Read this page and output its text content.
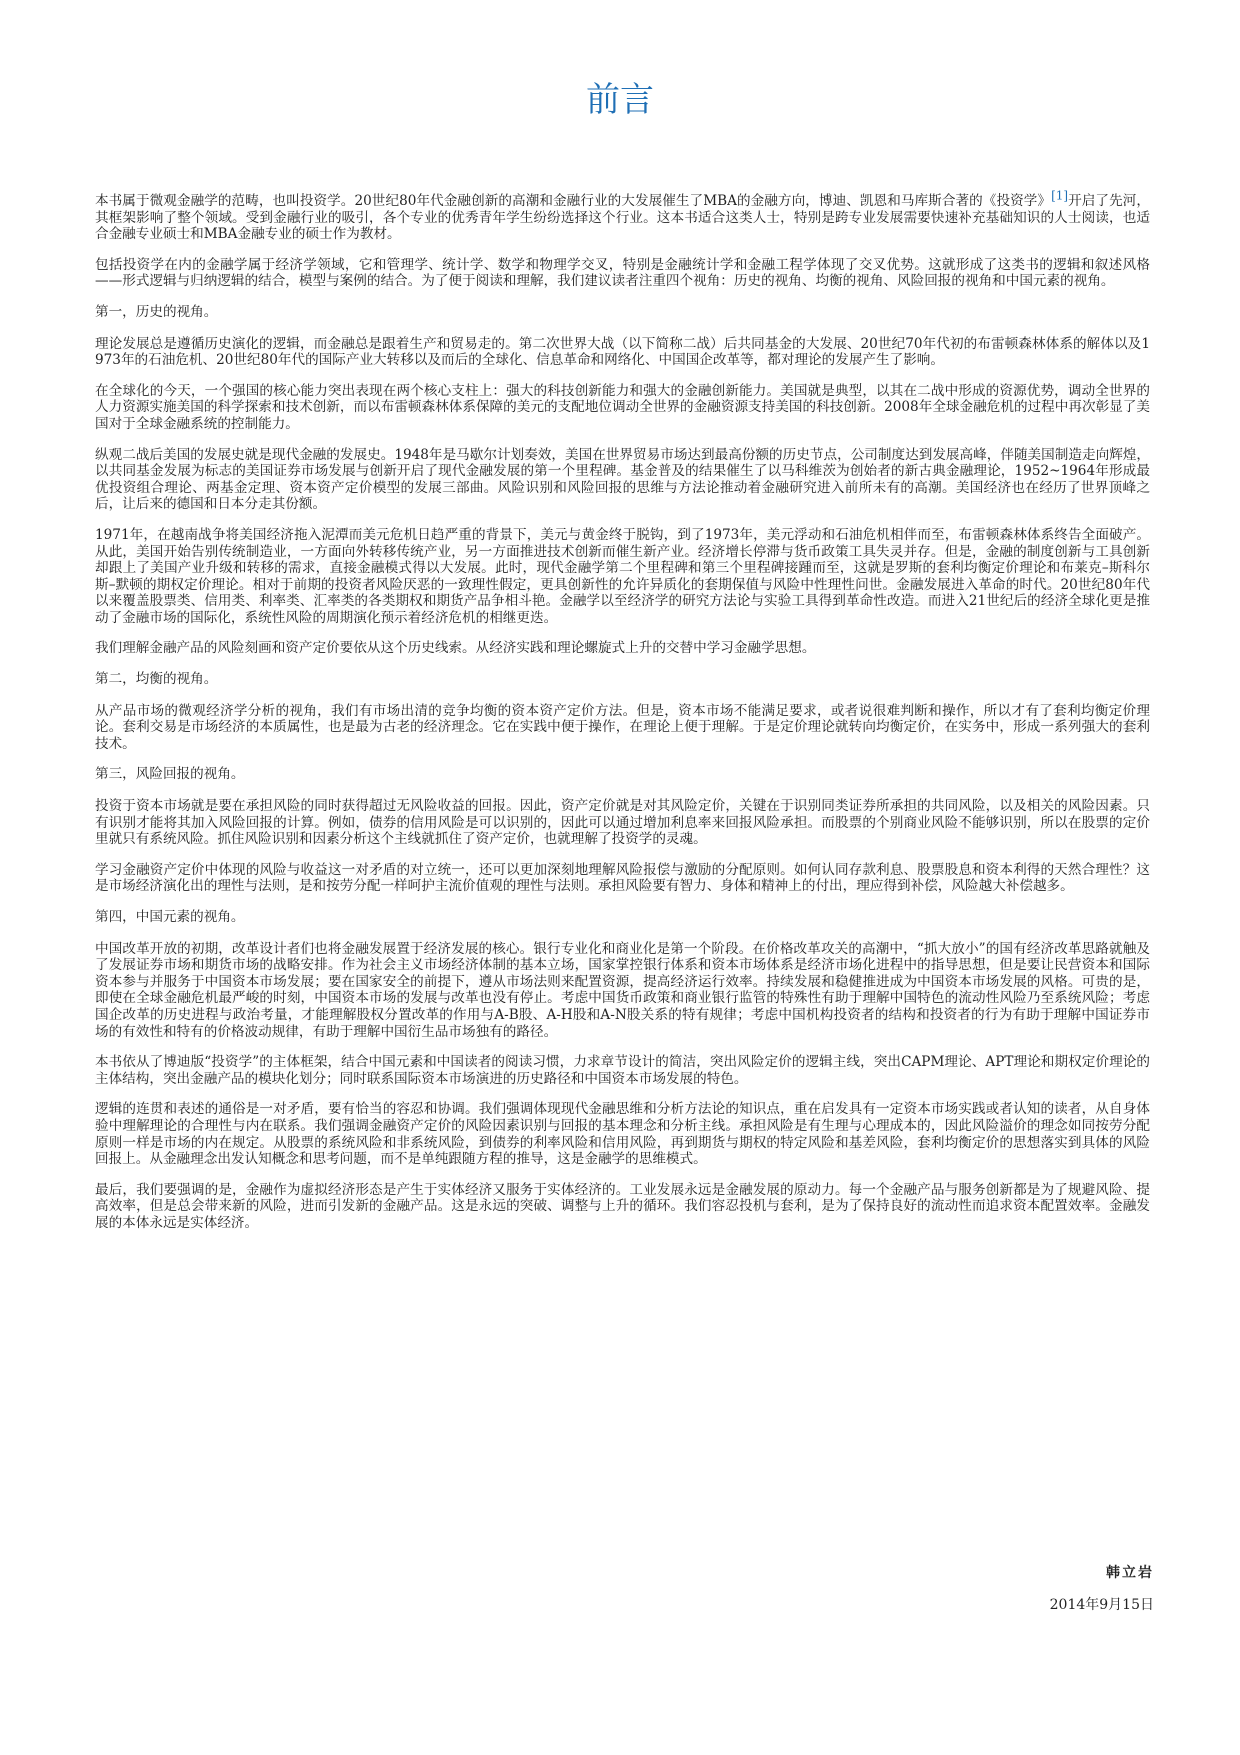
前言

本书属于微观金融学的范畴，也叫投资学。20世纪80年代金融创新的高潮和金融行业的大发展催生了MBA的金融方向，博迪、凯恩和马库斯合著的《投资学》[1]开启了先河，其框架影响了整个领域。受到金融行业的吸引，各个专业的优秀青年学生纷纷选择这个行业。这本书适合这类人士，特别是跨专业发展需要快速补充基础知识的人士阅读，也适合金融专业硕士和MBA金融专业的硕士作为教材。

包括投资学在内的金融学属于经济学领域，它和管理学、统计学、数学和物理学交叉，特别是金融统计学和金融工程学体现了交叉优势。这就形成了这类书的逻辑和叙述风格——形式逻辑与归纳逻辑的结合，模型与案例的结合。为了便于阅读和理解，我们建议读者注重四个视角：历史的视角、均衡的视角、风险回报的视角和中国元素的视角。

第一，历史的视角。

理论发展总是遵循历史演化的逻辑，而金融总是跟着生产和贸易走的。第二次世界大战（以下简称二战）后共同基金的大发展、20世纪70年代初的布雷顿森林体系的解体以及1973年的石油危机、20世纪80年代的国际产业大转移以及而后的全球化、信息革命和网络化、中国国企改革等，都对理论的发展产生了影响。

在全球化的今天，一个强国的核心能力突出表现在两个核心支柱上：强大的科技创新能力和强大的金融创新能力。美国就是典型，以其在二战中形成的资源优势，调动全世界的人力资源实施美国的科学探索和技术创新，而以布雷顿森林体系保障的美元的支配地位调动全世界的金融资源支持美国的科技创新。2008年全球金融危机的过程中再次彰显了美国对于全球金融系统的控制能力。

纵观二战后美国的发展史就是现代金融的发展史。1948年是马歇尔计划奏效，美国在世界贸易市场达到最高份额的历史节点，公司制度达到发展高峰，伴随美国制造走向辉煌，以共同基金发展为标志的美国证券市场发展与创新开启了现代金融发展的第一个里程碑。基金普及的结果催生了以马科维茨为创始者的新古典金融理论，1952~1964年形成最优投资组合理论、两基金定理、资本资产定价模型的发展三部曲。风险识别和风险回报的思维与方法论推动着金融研究进入前所未有的高潮。美国经济也在经历了世界顶峰之后，让后来的德国和日本分走其份额。

1971年，在越南战争将美国经济拖入泥潭而美元危机日趋严重的背景下，美元与黄金终于脱钩，到了1973年，美元浮动和石油危机相伴而至，布雷顿森林体系终告全面破产。从此，美国开始告别传统制造业，一方面向外转移传统产业，另一方面推进技术创新而催生新产业。经济增长停滞与货币政策工具失灵并存。但是，金融的制度创新与工具创新却跟上了美国产业升级和转移的需求，直接金融模式得以大发展。此时，现代金融学第二个里程碑和第三个里程碑接踵而至，这就是罗斯的套利均衡定价理论和布莱克–斯科尔斯–默顿的期权定价理论。相对于前期的投资者风险厌恶的一致理性假定，更具创新性的允许异质化的套期保值与风险中性理性问世。金融发展进入革命的时代。20世纪80年代以来覆盖股票类、信用类、利率类、汇率类的各类期权和期货产品争相斗艳。金融学以至经济学的研究方法论与实验工具得到革命性改造。而进入21世纪后的经济全球化更是推动了金融市场的国际化，系统性风险的周期演化预示着经济危机的相继更迭。

我们理解金融产品的风险刻画和资产定价要依从这个历史线索。从经济实践和理论螺旋式上升的交替中学习金融学思想。

第二，均衡的视角。

从产品市场的微观经济学分析的视角，我们有市场出清的竞争均衡的资本资产定价方法。但是，资本市场不能满足要求，或者说很难判断和操作，所以才有了套利均衡定价理论。套利交易是市场经济的本质属性，也是最为古老的经济理念。它在实践中便于操作，在理论上便于理解。于是定价理论就转向均衡定价，在实务中，形成一系列强大的套利技术。

第三，风险回报的视角。

投资于资本市场就是要在承担风险的同时获得超过无风险收益的回报。因此，资产定价就是对其风险定价，关键在于识别同类证券所承担的共同风险，以及相关的风险因素。只有识别才能将其加入风险回报的计算。例如，债券的信用风险是可以识别的，因此可以通过增加利息率来回报风险承担。而股票的个别商业风险不能够识别，所以在股票的定价里就只有系统风险。抓住风险识别和因素分析这个主线就抓住了资产定价，也就理解了投资学的灵魂。

学习金融资产定价中体现的风险与收益这一对矛盾的对立统一，还可以更加深刻地理解风险报偿与激励的分配原则。如何认同存款利息、股票股息和资本利得的天然合理性？这是市场经济演化出的理性与法则，是和按劳分配一样呵护主流价值观的理性与法则。承担风险要有智力、身体和精神上的付出，理应得到补偿，风险越大补偿越多。

第四，中国元素的视角。

中国改革开放的初期，改革设计者们也将金融发展置于经济发展的核心。银行专业化和商业化是第一个阶段。在价格改革攻关的高潮中，“抓大放小”的国有经济改革思路就触及了发展证券市场和期货市场的战略安排。作为社会主义市场经济体制的基本立场，国家掌控银行体系和资本市场体系是经济市场化进程中的指导思想，但是要让民营资本和国际资本参与并服务于中国资本市场发展；要在国家安全的前提下，遵从市场法则来配置资源，提高经济运行效率。持续发展和稳健推进成为中国资本市场发展的风格。可贵的是，即使在全球金融危机最严峻的时刻，中国资本市场的发展与改革也没有停止。考虑中国货币政策和商业银行监管的特殊性有助于理解中国特色的流动性风险乃至系统风险；考虑国企改革的历史进程与政治考量，才能理解股权分置改革的作用与A-B股、A-H股和A-N股关系的特有规律；考虑中国机构投资者的结构和投资者的行为有助于理解中国证券市场的有效性和特有的价格波动规律，有助于理解中国衍生品市场独有的路径。

本书依从了博迪版“投资学”的主体框架，结合中国元素和中国读者的阅读习惯，力求章节设计的简洁，突出风险定价的逻辑主线，突出CAPM理论、APT理论和期权定价理论的主体结构，突出金融产品的模块化划分；同时联系国际资本市场演进的历史路径和中国资本市场发展的特色。

逻辑的连贯和表述的通俗是一对矛盾，要有恰当的容忍和协调。我们强调体现现代金融思维和分析方法论的知识点，重在启发具有一定资本市场实践或者认知的读者，从自身体验中理解理论的合理性与内在联系。我们强调金融资产定价的风险因素识别与回报的基本理念和分析主线。承担风险是有生理与心理成本的，因此风险溢价的理念如同按劳分配原则一样是市场的内在规定。从股票的系统风险和非系统风险，到债券的利率风险和信用风险，再到期货与期权的特定风险和基差风险，套利均衡定价的思想落实到具体的风险回报上。从金融理念出发认知概念和思考问题，而不是单纯跟随方程的推导，这是金融学的思维模式。

最后，我们要强调的是，金融作为虚拟经济形态是产生于实体经济又服务于实体经济的。工业发展永远是金融发展的原动力。每一个金融产品与服务创新都是为了规避风险、提高效率，但是总会带来新的风险，进而引发新的金融产品。这是永远的突破、调整与上升的循环。我们容忍投机与套利，是为了保持良好的流动性而追求资本配置效率。金融发展的本体永远是实体经济。

韩立岩
2014年9月15日
